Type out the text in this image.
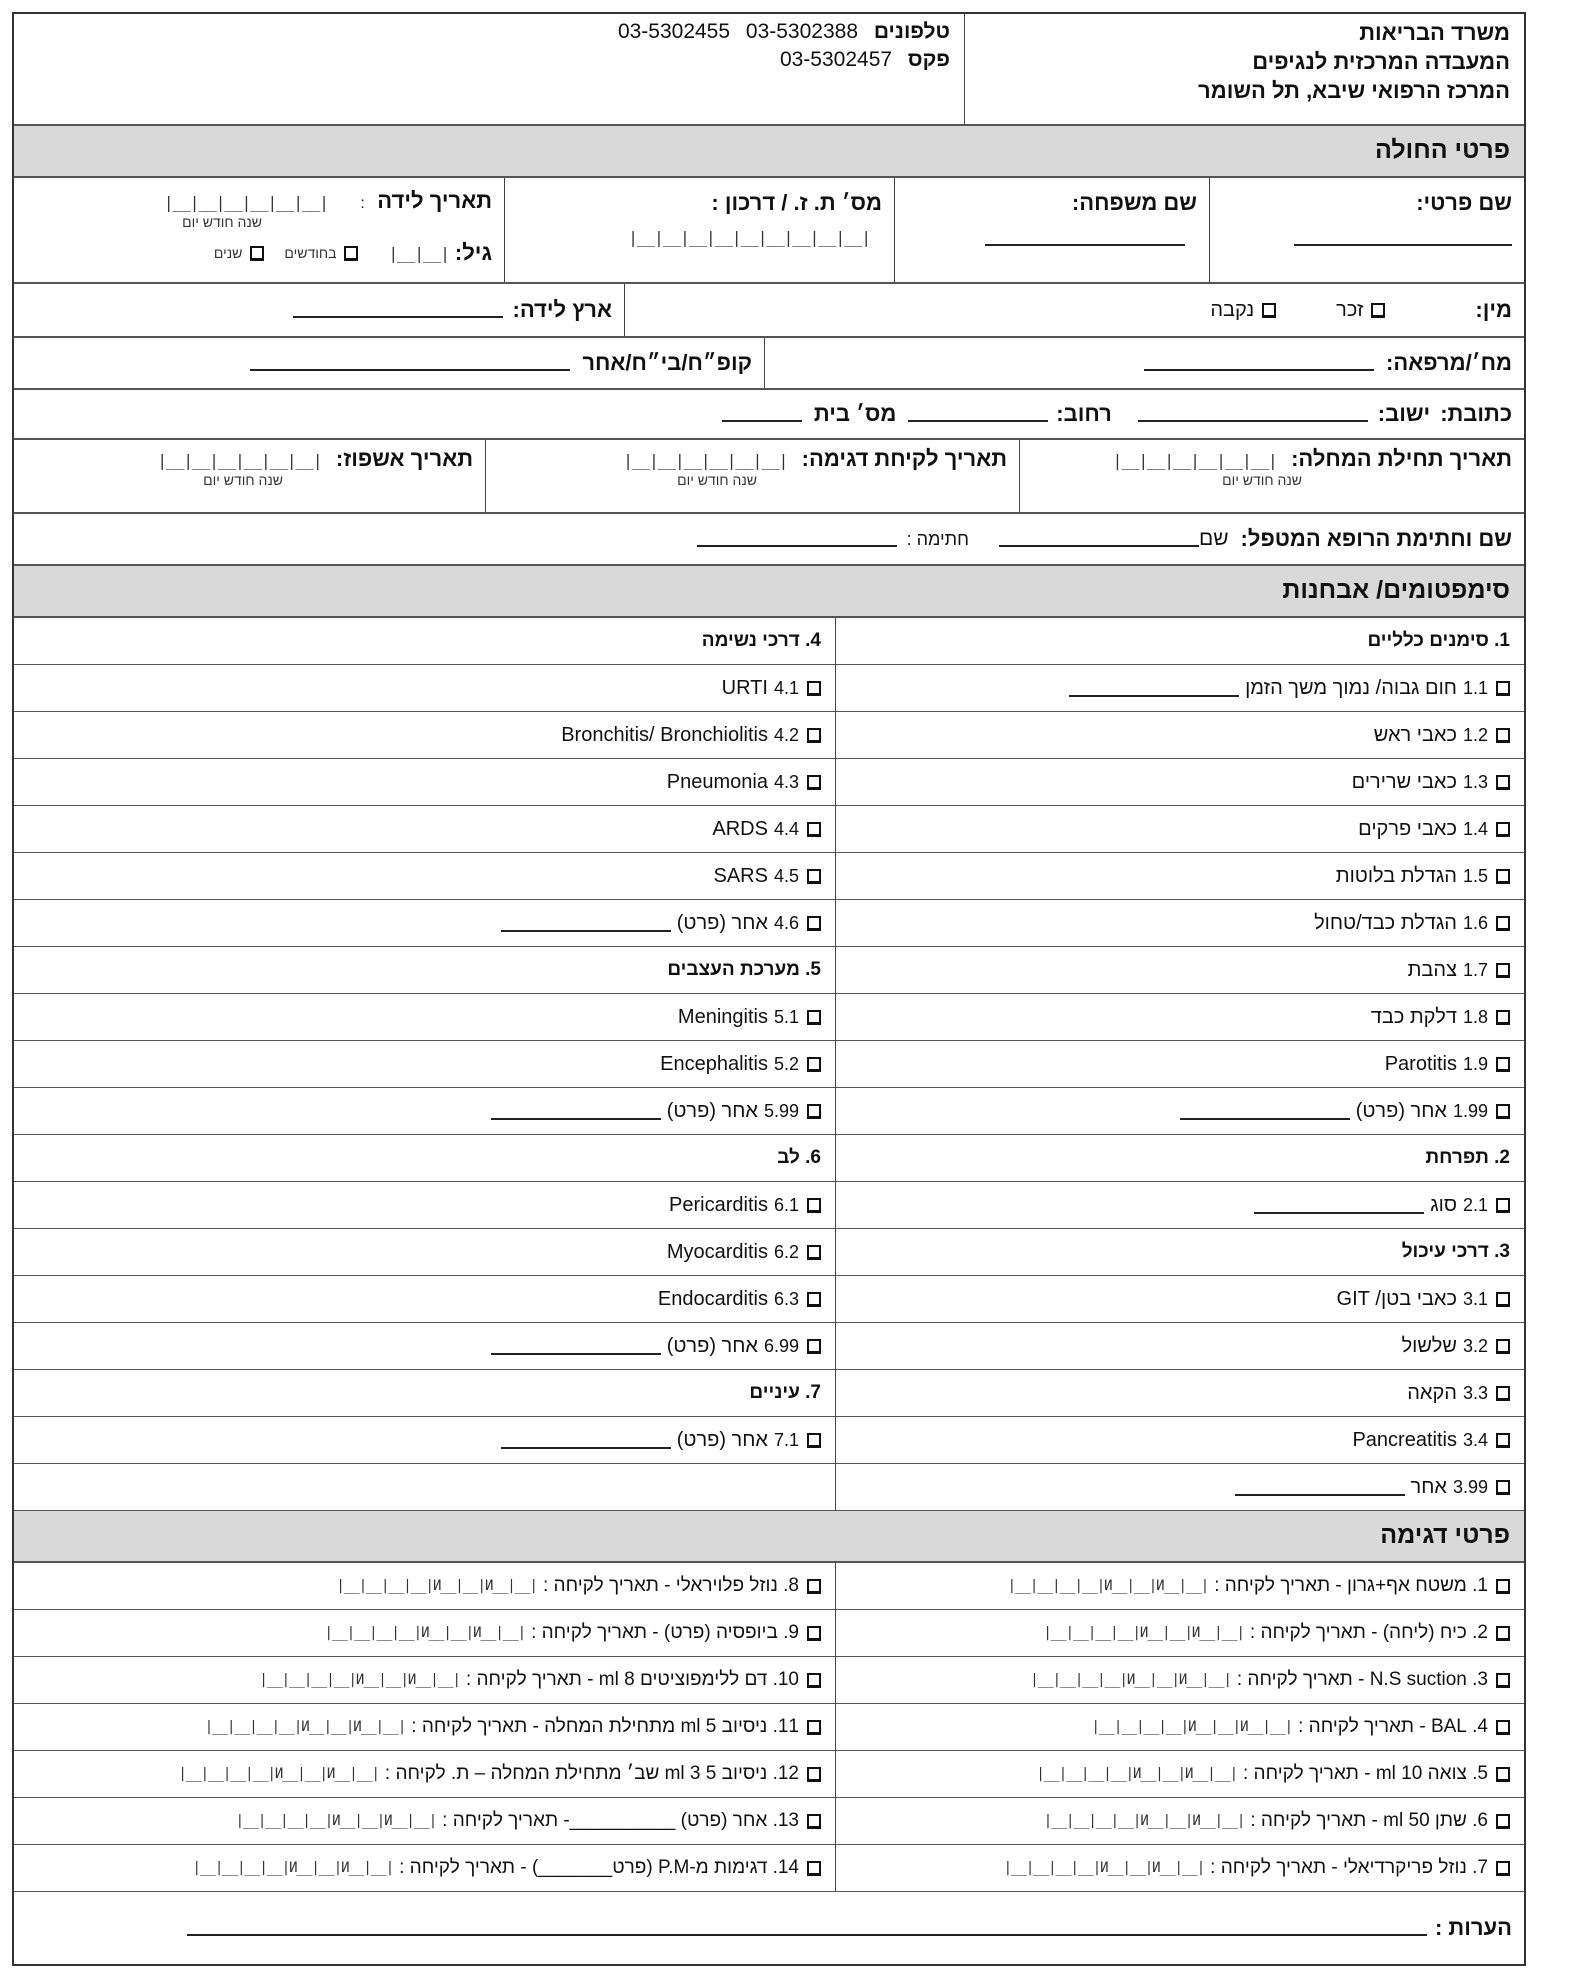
משרד הבריאות
המעבדה המרכזית לנגיפים
המרכז הרפואי שיבא, תל השומר
טלפונים 03-5302388 03-5302455
פקס 03-5302457
פרטי החולה
שם פרטי:
שם משפחה:
מס׳ ת. ז. / דרכון :
|__|__|__|__|__|__|__|__|__|
תאריך לידה : |__|__|__|__|__|__|
שנה חודש יום
גיל:
|__|__|
בחודשים
שנים
מין:
זכר
נקבה
ארץ לידה:
מח׳/מרפאה:
קופ״ח/בי״ח/אחר
כתובת:
ישוב:
רחוב:
מס׳ בית
תאריך תחילת המחלה: |__|__|__|__|__|__|
שנה חודש יום
תאריך לקיחת דגימה: |__|__|__|__|__|__|
שנה חודש יום
תאריך אשפוז: |__|__|__|__|__|__|
שנה חודש יום
שם וחתימת הרופא המטפל:
שם
חתימה :
סימפטומים/ אבחנות
1. סימנים כלליים
1.1
חום גבוה/ נמוך משך הזמן
1.2
כאבי ראש
1.3
כאבי שרירים
1.4
כאבי פרקים
1.5
הגדלת בלוטות
1.6
הגדלת כבד/טחול
1.7
צהבת
1.8
דלקת כבד
1.9
Parotitis
1.99
אחר (פרט)
2. תפרחת
2.1
סוג
3. דרכי עיכול
3.1
כאבי בטן/ GIT
3.2
שלשול
3.3
הקאה
3.4
Pancreatitis
3.99
אחר
4. דרכי נשימה
4.1
URTI
4.2
Bronchitis/ Bronchiolitis
4.3
Pneumonia
4.4
ARDS
4.5
SARS
4.6
אחר (פרט)
5. מערכת העצבים
5.1
Meningitis
5.2
Encephalitis
5.99
אחר (פרט)
6. לב
6.1
Pericarditis
6.2
Myocarditis
6.3
Endocarditis
6.99
אחר (פרט)
7. עיניים
7.1
אחר (פרט)
פרטי דגימה
1. משטח אף+גרון - תאריך לקיחה :
|__|__|__|__|И__|__|И__|__|
2. כיח (ליחה) - תאריך לקיחה :
|__|__|__|__|И__|__|И__|__|
3. N.S suction - תאריך לקיחה :
|__|__|__|__|И__|__|И__|__|
4. BAL - תאריך לקיחה :
|__|__|__|__|И__|__|И__|__|
5. צואה 10 ml - תאריך לקיחה :
|__|__|__|__|И__|__|И__|__|
6. שתן 50 ml - תאריך לקיחה :
|__|__|__|__|И__|__|И__|__|
7. נוזל פריקרדיאלי - תאריך לקיחה :
|__|__|__|__|И__|__|И__|__|
8. נוזל פלויראלי - תאריך לקיחה :
|__|__|__|__|И__|__|И__|__|
9. ביופסיה (פרט) - תאריך לקיחה :
|__|__|__|__|И__|__|И__|__|
10. דם ללימפוציטים 8 ml - תאריך לקיחה :
|__|__|__|__|И__|__|И__|__|
11. ניסיוב 5 ml מתחילת המחלה - תאריך לקיחה :
|__|__|__|__|И__|__|И__|__|
12. ניסיוב 5 ml 3 שב׳ מתחילת המחלה – ת. לקיחה :
|__|__|__|__|И__|__|И__|__|
13. אחר (פרט) __________- תאריך לקיחה :
|__|__|__|__|И__|__|И__|__|
14. דגימות מ-P.M (פרט_______) - תאריך לקיחה :
|__|__|__|__|И__|__|И__|__|
הערות :
